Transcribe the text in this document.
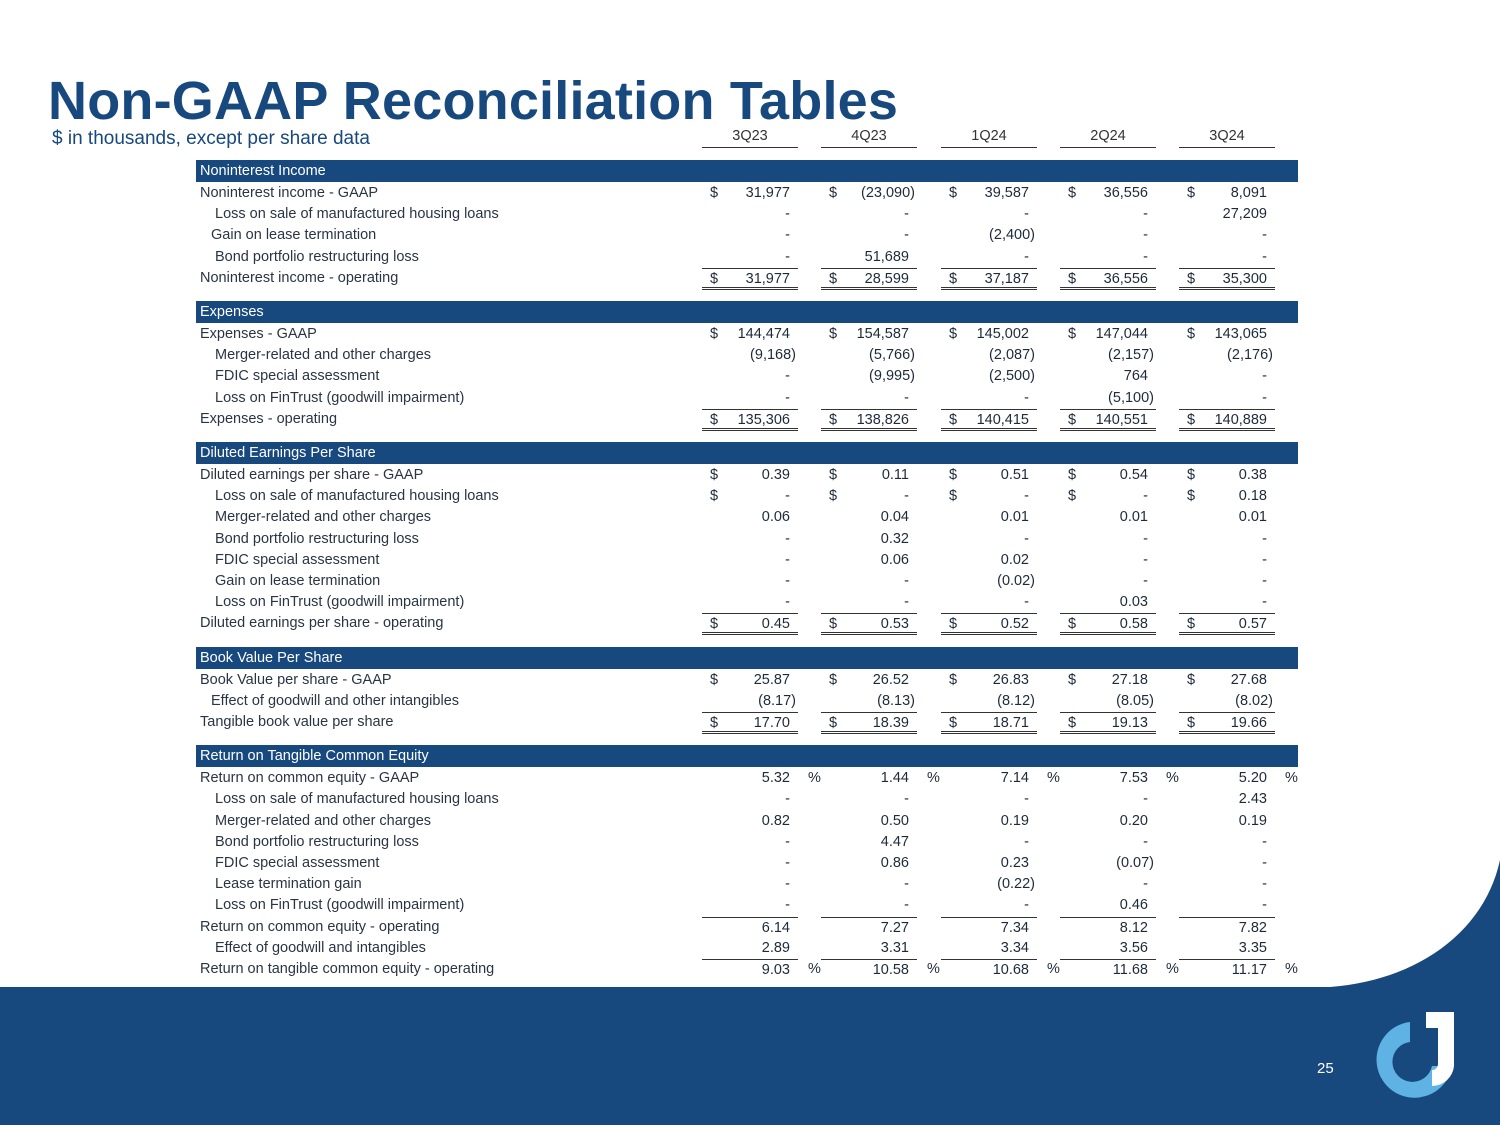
Non-GAAP Reconciliation Tables
$ in thousands, except per share data
Noninterest Income
Noninterest income - GAAP	$ 31,977	$ (23,090) $ 39,587	$ 36,556	$ 8,091
Loss on sale of manufactured housing loans	-	-	-	-	27,209
Gain on lease termination	-	-	(2,400)	-	-
Bond portfolio restructuring loss	-	51,689	-	-	-
Noninterest income - operating	$ 31,977	$ 28,599	$ 37,187	$ 36,556	$ 35,300
Expenses
Expenses - GAAP	$ 144,474	$ 154,587	$ 145,002	$ 147,044	$ 143,065
Merger-related and other charges	(9,168)	(5,766)	(2,087)	(2,157)	(2,176)
FDIC special assessment	-	(9,995)	(2,500)	764	-
Loss on FinTrust (goodwill impairment)	-	-	-	(5,100)	-
Expenses - operating	$ 135,306	$ 138,826	$ 140,415	$ 140,551	$ 140,889
Diluted Earnings Per Share
Diluted earnings per share - GAAP	$	0.39	$	0.11	$	0.51	$	0.54	$	0.38
Loss on sale of manufactured housing loans	$	-	$	-	$	-	$	-	$	0.18
Merger-related and other charges	0.06	0.04	0.01	0.01	0.01
Bond portfolio restructuring loss	-	0.32	-	-	-
FDIC special assessment	-	0.06	0.02	-	-
Gain on lease termination	-	-	(0.02)	-	-
Loss on FinTrust (goodwill impairment)	-	-	-	0.03	-
Diluted earnings per share - operating	$	0.45	$	0.53	$	0.52	$	0.58	$	0.57
Book Value Per Share
Book Value per share - GAAP	$ 25.87	$ 26.52	$ 26.83	$ 27.18	$ 27.68
Effect of goodwill and other intangibles	(8.17)	(8.13)	(8.12)	(8.05)	(8.02)
Tangible book value per share	$ 17.70	$ 18.39	$ 18.71	$ 19.13	$ 19.66
Return on Tangible Common Equity
Return on common equity - GAAP	5.32 %	1.44 %	7.14 %	7.53 %	5.20 %
Loss on sale of manufactured housing loans	-	-	-	-	2.43
Merger-related and other charges	0.82	0.50	0.19	0.20	0.19
Bond portfolio restructuring loss	-	4.47	-	-	-
FDIC special assessment	-	0.86	0.23	(0.07)	-
Lease termination gain	-	-	(0.22)	-	-
Loss on FinTrust (goodwill impairment)	-	-	-	0.46	-
Return on common equity - operating	6.14	7.27	7.34	8.12	7.82
Effect of goodwill and intangibles	2.89	3.31	3.34	3.56	3.35
Return on tangible common equity - operating	9.03 %	10.58 %	10.68 %	11.68 %	11.17 %
25
3Q23	4Q23	1Q24	2Q24	3Q24
